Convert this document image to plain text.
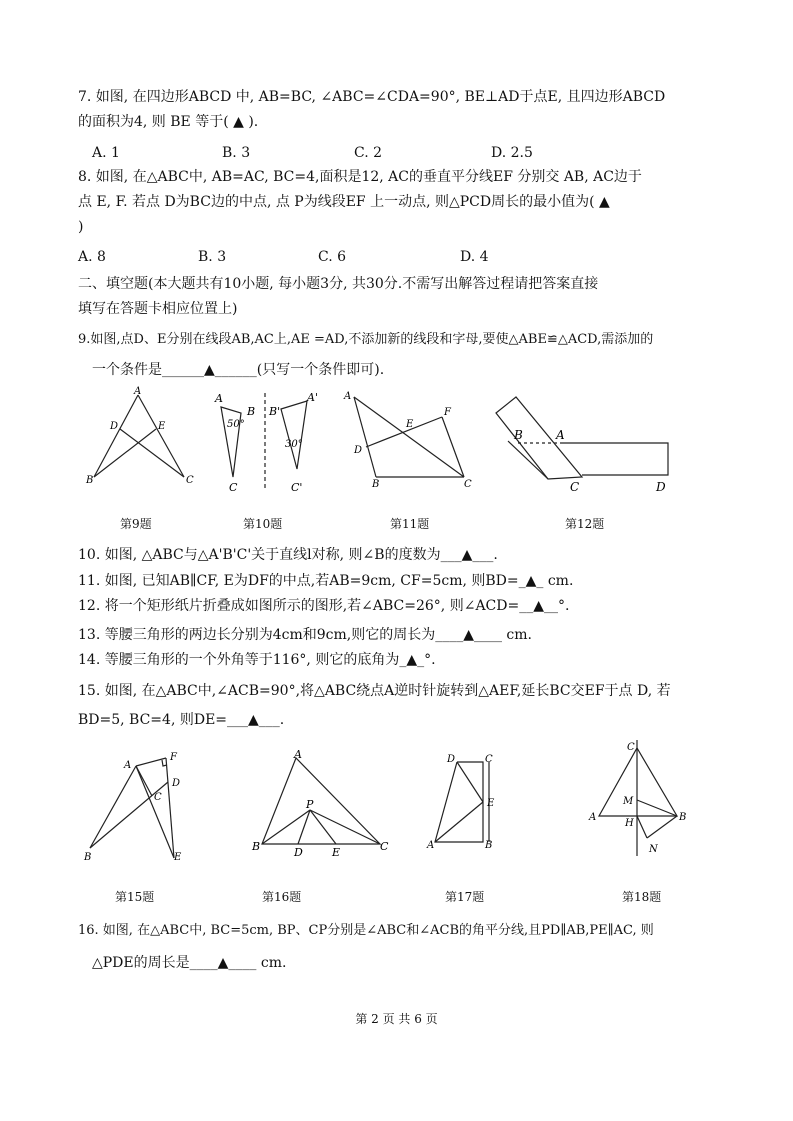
7. 如图, 在四边形ABCD 中, AB=BC, ∠ABC=∠CDA=90°, BE⊥AD于点E, 且四边形ABCD
的面积为4, 则 BE 等于( ▲ ).
A. 1	B. 3	C. 2	D. 2.5
8. 如图, 在△ABC中, AB=AC, BC=4,面积是12, AC的垂直平分线EF 分别交 AB, AC边于
点 E, F. 若点 D为BC边的中点, 点 P为线段EF 上一动点, 则△PCD周长的最小值为( ▲
)
A. 8	B. 3	C. 6	D. 4
二、填空题(本大题共有10小题, 每小题3分, 共30分.不需写出解答过程请把答案直接
填写在答题卡相应位置上)
9.如图,点D、E分别在线段AB,AC上,AE =AD,不添加新的线段和字母,要使△ABE≌△ACD,需添加的
一个条件是______▲______(只写一个条件即可).
A
D	E
B	C
A
B
50°
C
B'
A'
30°
C'
A
F
E
D
B	C
B	A
C	D
第9题	第10题	第11题	第12题
10. 如图, △ABC与△A'B'C'关于直线l对称, 则∠B的度数为___▲___.
11. 如图, 已知AB∥CF, E为DF的中点,若AB=9cm, CF=5cm, 则BD=_▲_ cm.
12. 将一个矩形纸片折叠成如图所示的图形,若∠ABC=26°, 则∠ACD=__▲__°.
13. 等腰三角形的两边长分别为4cm和9cm,则它的周长为____▲____ cm.
14. 等腰三角形的一个外角等于116°, 则它的底角为_▲_°.
15. 如图, 在△ABC中,∠ACB=90°,将△ABC绕点A逆时针旋转到△AEF,延长BC交EF于点 D, 若
BD=5, BC=4, 则DE=___▲___.
A
F
C
D
B	E
A
P
B	D	E	C
D	C
E
A	B
C
M
A
H
B
N
第15题	第16题	第17题	第18题
16. 如图, 在△ABC中, BC=5cm, BP、CP分别是∠ABC和∠ACB的角平分线,且PD∥AB,PE∥AC, 则
△PDE的周长是____▲____ cm.
第 2 页 共 6 页
